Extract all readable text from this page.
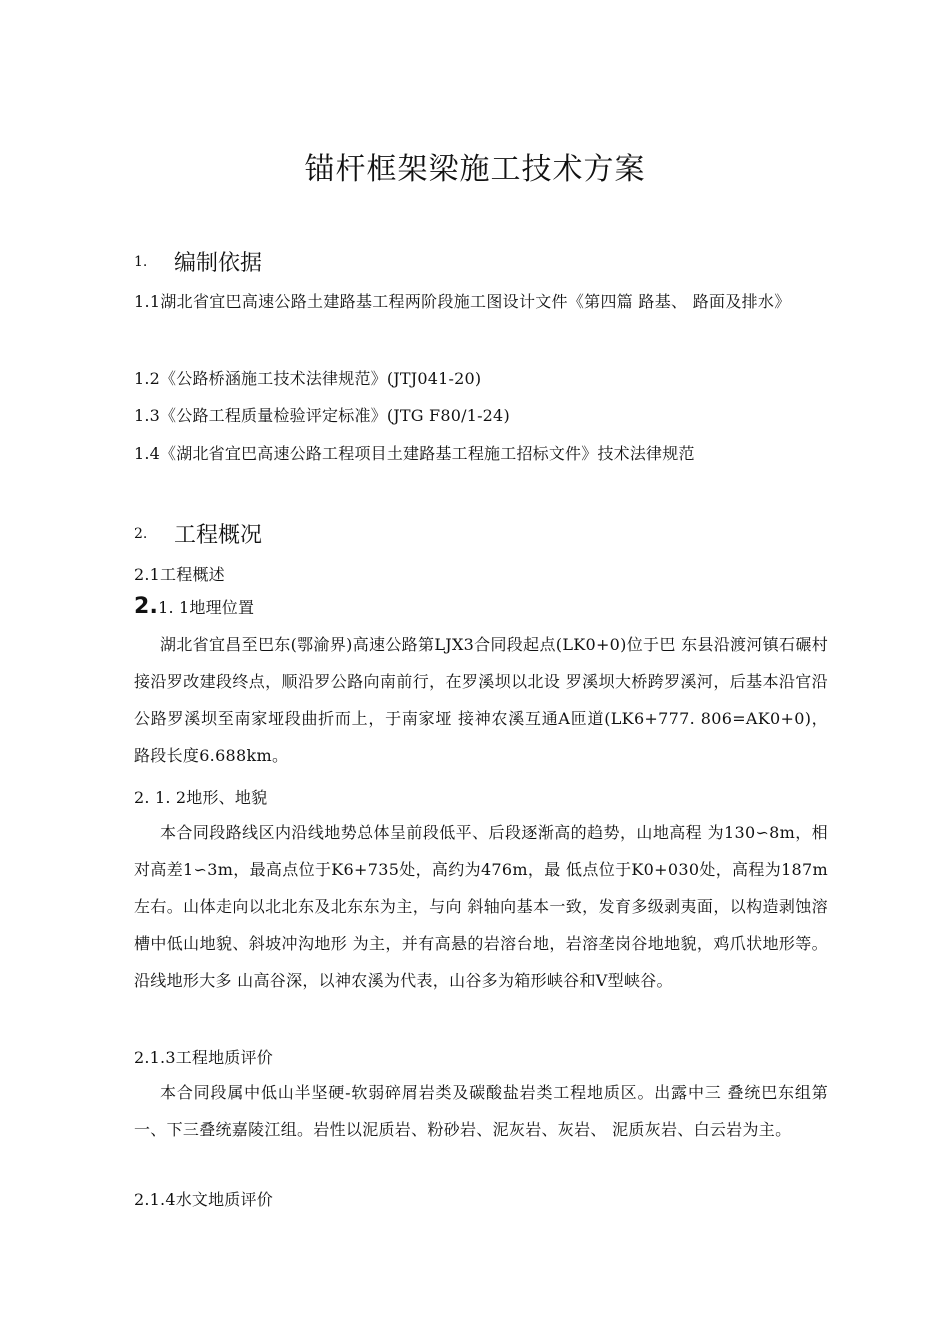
锚杆框架梁施工技术方案
1. 编制依据
1.1湖北省宜巴高速公路土建路基工程两阶段施工图设计文件《第四篇 路基、 路面及排水》
1.2《公路桥涵施工技术法律规范》(JTJ041-20)
1.3《公路工程质量检验评定标准》(JTG F80/1-24)
1.4《湖北省宜巴高速公路工程项目土建路基工程施工招标文件》技术法律规范
2. 工程概况
2.1工程概述
2.1. 1地理位置
湖北省宜昌至巴东(鄂渝界)高速公路第LJX3合同段起点(LK0+0)位于巴 东县沿渡河镇石碾村接沿罗改建段终点，顺沿罗公路向南前行，在罗溪坝以北设 罗溪坝大桥跨罗溪河，后基本沿官沿公路罗溪坝至南家垭段曲折而上，于南家垭 接神农溪互通A匝道(LK6+777. 806=AK0+0)，路段长度6.688km。
2. 1. 2地形、地貌
本合同段路线区内沿线地势总体呈前段低平、后段逐渐高的趋势，山地高程 为130∽8m，相对高差1∽3m，最高点位于K6+735处，高约为476m，最 低点位于K0+030处，高程为187m左右。山体走向以北北东及北东东为主，与向 斜轴向基本一致，发育多级剥夷面，以构造剥蚀溶槽中低山地貌、斜坡冲沟地形 为主，并有高悬的岩溶台地，岩溶垄岗谷地地貌，鸡爪状地形等。沿线地形大多 山高谷深，以神农溪为代表，山谷多为箱形峡谷和V型峡谷。
2.1.3工程地质评价
本合同段属中低山半坚硬-软弱碎屑岩类及碳酸盐岩类工程地质区。出露中三 叠统巴东组第一、下三叠统嘉陵江组。岩性以泥质岩、粉砂岩、泥灰岩、灰岩、 泥质灰岩、白云岩为主。
2.1.4水文地质评价
